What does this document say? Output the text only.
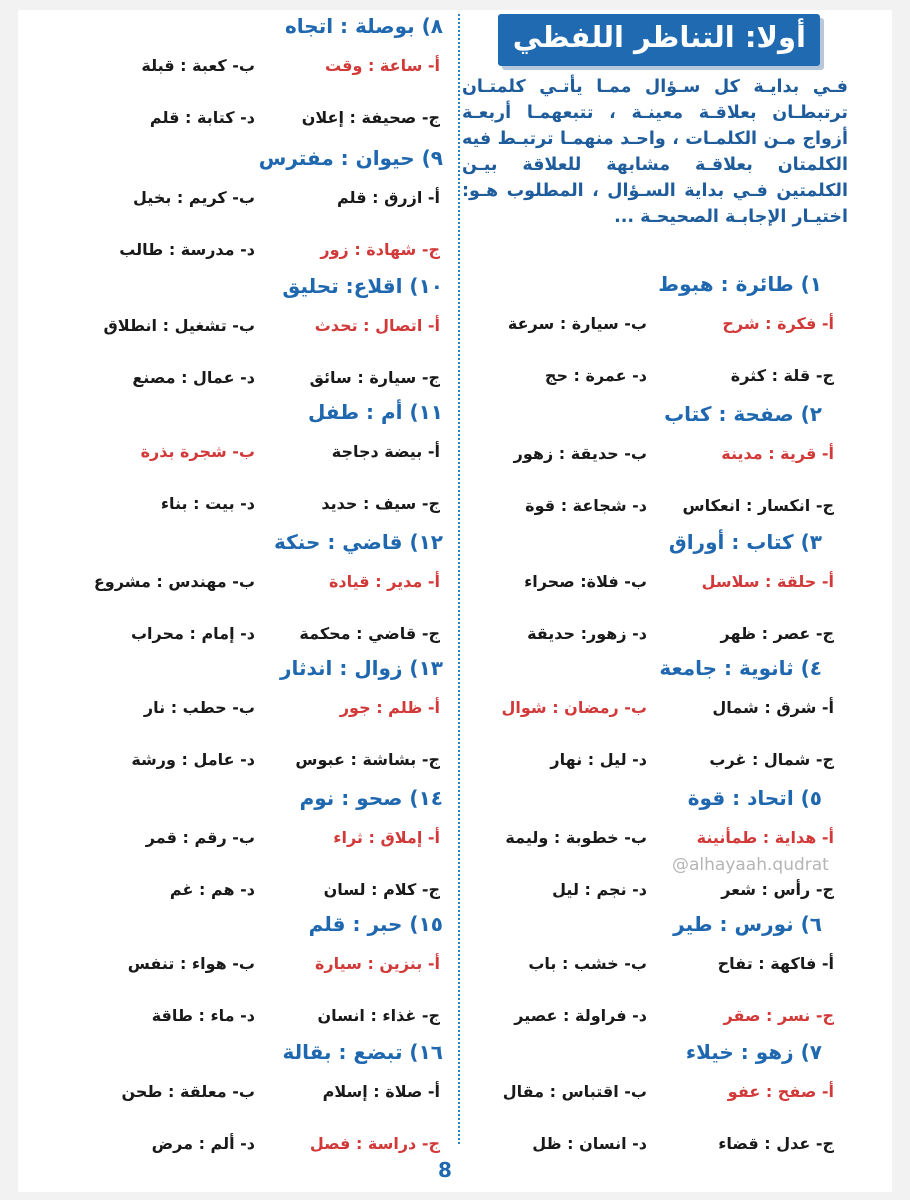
أولا: التناظر اللفظي
فـي بدايـة كل سـؤال ممـا يأتـي كلمتـان ترتبطـان بعلاقـة معينـة ، تتبعهمـا أربعـة أزواج مـن الكلمـات ، واحـد منهمـا ترتبـط فيه الكلمتان بعلاقـة مشابهة للعلاقة بيـن الكلمتين فـي بداية السـؤال ، المطلوب هـو: اختيـار الإجابـة الصحيحـة ...
١) طائرة : هبوط
أ- فكرة : شرح
ب- سيارة : سرعة
ج- قلة : كثرة
د- عمرة : حج
٢) صفحة : كتاب
أ- قرية : مدينة
ب- حديقة : زهور
ج- انكسار : انعكاس
د- شجاعة : قوة
٣) كتاب : أوراق
أ- حلقة : سلاسل
ب- فلاة: صحراء
ج- عصر : ظهر
د- زهور: حديقة
٤) ثانوية : جامعة
أ- شرق : شمال
ب- رمضان : شوال
ج- شمال : غرب
د- ليل : نهار
٥) اتحاد : قوة
أ- هداية : طمأنينة
ب- خطوبة : وليمة
ج- رأس : شعر
د- نجم : ليل
٦) نورس : طير
أ- فاكهة : تفاح
ب- خشب : باب
ج- نسر : صقر
د- فراولة : عصير
٧) زهو : خيلاء
أ- صفح : عفو
ب- اقتباس : مقال
ج- عدل : قضاء
د- انسان : ظل
٨) بوصلة : اتجاه
أ- ساعة : وقت
ب- كعبة : قبلة
ج- صحيفة : إعلان
د- كتابة : قلم
٩) حيوان : مفترس
أ- ازرق : قلم
ب- كريم : بخيل
ج- شهادة : زور
د- مدرسة : طالب
١٠) اقلاع: تحليق
أ- اتصال : تحدث
ب- تشغيل : انطلاق
ج- سيارة : سائق
د- عمال : مصنع
١١) أم : طفل
أ- بيضة دجاجة
ب- شجرة بذرة
ج- سيف : حديد
د- بيت : بناء
١٢) قاضي : حنكة
أ- مدير : قيادة
ب- مهندس : مشروع
ج- قاضي : محكمة
د- إمام : محراب
١٣) زوال : اندثار
أ- ظلم : جور
ب- حطب : نار
ج- بشاشة : عبوس
د- عامل : ورشة
١٤) صحو : نوم
أ- إملاق : ثراء
ب- رقم : قمر
ج- كلام : لسان
د- هم : غم
١٥) حبر : قلم
أ- بنزين : سيارة
ب- هواء : تنفس
ج- غذاء : انسان
د- ماء : طاقة
١٦) تبضع : بقالة
أ- صلاة : إسلام
ب- معلقة : طحن
ج- دراسة : فصل
د- ألم : مرض
@alhayaah.qudrat
8
